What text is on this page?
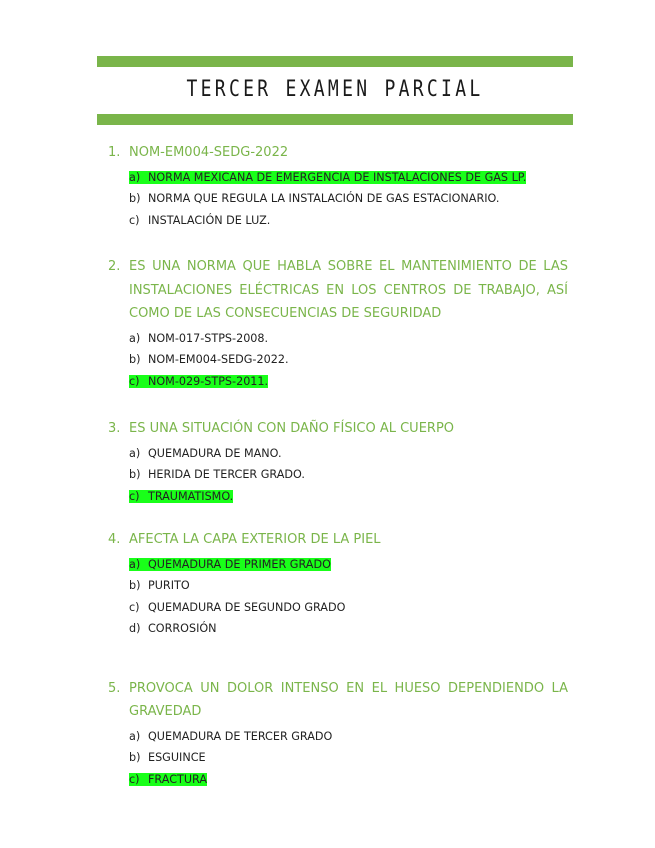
TERCER EXAMEN PARCIAL
1. NOM-EM004-SEDG-2022
a) NORMA MEXICANA DE EMERGENCIA DE INSTALACIONES DE GAS LP.
b) NORMA QUE REGULA LA INSTALACIÓN DE GAS ESTACIONARIO.
c) INSTALACIÓN DE LUZ.
2. ES UNA NORMA QUE HABLA SOBRE EL MANTENIMIENTO DE LAS INSTALACIONES ELÉCTRICAS EN LOS CENTROS DE TRABAJO, ASÍ COMO DE LAS CONSECUENCIAS DE SEGURIDAD
a) NOM-017-STPS-2008.
b) NOM-EM004-SEDG-2022.
c) NOM-029-STPS-2011.
3. ES UNA SITUACIÓN CON DAÑO FÍSICO AL CUERPO
a) QUEMADURA DE MANO.
b) HERIDA DE TERCER GRADO.
c) TRAUMATISMO.
4. AFECTA LA CAPA EXTERIOR DE LA PIEL
a) QUEMADURA DE PRIMER GRADO
b) PURITO
c) QUEMADURA DE SEGUNDO GRADO
d) CORROSIÓN
5. PROVOCA UN DOLOR INTENSO EN EL HUESO DEPENDIENDO LA GRAVEDAD
a) QUEMADURA DE TERCER GRADO
b) ESGUINCE
c) FRACTURA
